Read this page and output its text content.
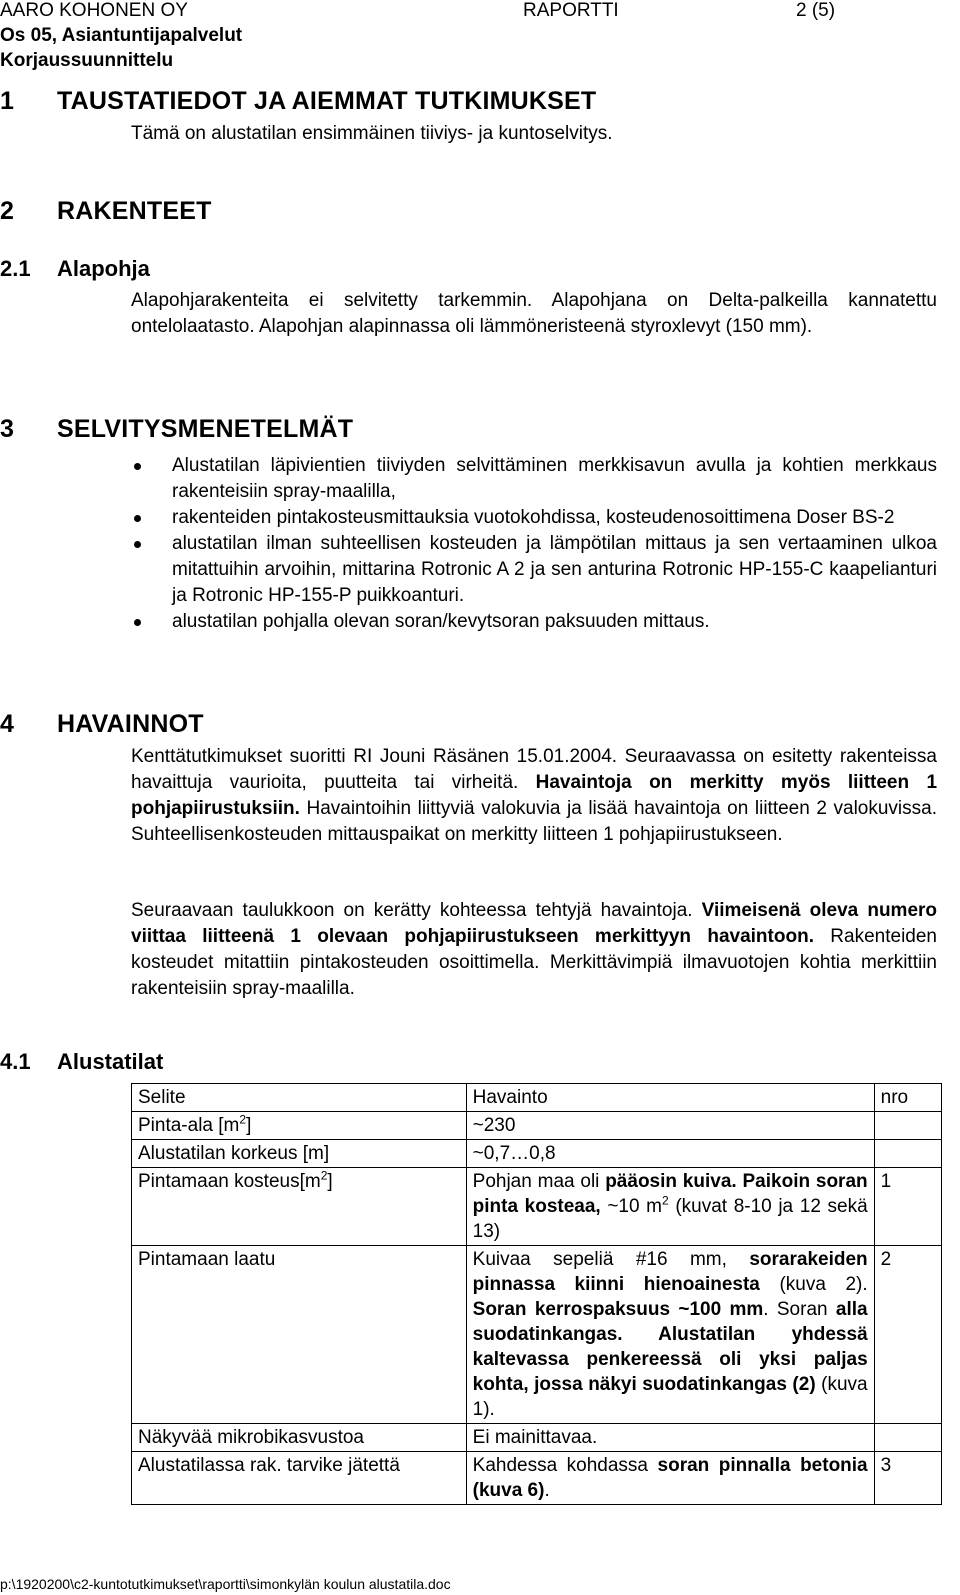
AARO KOHONEN OY	RAPORTTI	2 (5)
Os 05, Asiantuntijapalvelut
Korjaussuunnittelu
1 TAUSTATIEDOT JA AIEMMAT TUTKIMUKSET
Tämä on alustatilan ensimmäinen tiiviys- ja kuntoselvitys.
2 RAKENTEET
2.1 Alapohja
Alapohjarakenteita ei selvitetty tarkemmin. Alapohjana on Delta-palkeilla kannatettu ontelolaatasto. Alapohjan alapinnassa oli lämmöneristeenä styroxlevyt (150 mm).
3 SELVITYSMENETELMÄT
Alustatilan läpivientien tiiviyden selvittäminen merkkisavun avulla ja kohtien merkkaus rakenteisiin spray-maalilla,
rakenteiden pintakosteusmittauksia vuotokohdissa, kosteudenosoittimena Doser BS-2
alustatilan ilman suhteellisen kosteuden ja lämpötilan mittaus ja sen vertaaminen ulkoa mitattuihin arvoihin, mittarina Rotronic A 2 ja sen anturina Rotronic HP-155-C kaapelianturi ja Rotronic HP-155-P puikkoanturi.
alustatilan pohjalla olevan soran/kevytsoran paksuuden mittaus.
4 HAVAINNOT
Kenttätutkimukset suoritti RI Jouni Räsänen 15.01.2004. Seuraavassa on esitetty rakenteissa havaittuja vaurioita, puutteita tai virheitä. Havaintoja on merkitty myös liitteen 1 pohjapiirustuksiin. Havaintoihin liittyviä valokuvia ja lisää havaintoja on liitteen 2 valokuvissa. Suhteellisenkosteuden mittauspaikat on merkitty liitteen 1 pohjapiirustukseen.
Seuraavaan taulukkoon on kerätty kohteessa tehtyjä havaintoja. Viimeisenä oleva numero viittaa liitteenä 1 olevaan pohjapiirustukseen merkittyyn havaintoon. Rakenteiden kosteudet mitattiin pintakosteuden osoittimella. Merkittävimpiä ilmavuotojen kohtia merkittiin rakenteisiin spray-maalilla.
4.1 Alustatilat
Selite	Havainto	nro
Pinta-ala $[m^2]$	~230	
Alustatilan korkeus [m]	~0,7…0,8	
Pintamaan $kosteus[m^2]$	Pohjan maa oli pääosin kuiva. Paikoin soran pinta kosteaa, ~10 $m^2$ (kuvat 8-10 ja 12 sekä 13)	1
Pintamaan laatu	Kuivaa sepeliä #16 mm, sorarakeiden pinnassa kiinni hienoainesta (kuva 2). Soran kerrospaksuus ~100 mm. Soran alla suodatinkangas. Alustatilan yhdessä kaltevassa penkereessä oli yksi paljas kohta, jossa näkyi suodatinkangas (2) (kuva 1).	2
Näkyvää mikrobikasvustoa	Ei mainittavaa.	
Alustatilassa rak. tarvike jätettä	Kahdessa kohdassa soran pinnalla betonia (kuva 6).	3
p:\1920200\c2-kuntotutkimukset\raportti\simonkylän koulun alustatila.doc
